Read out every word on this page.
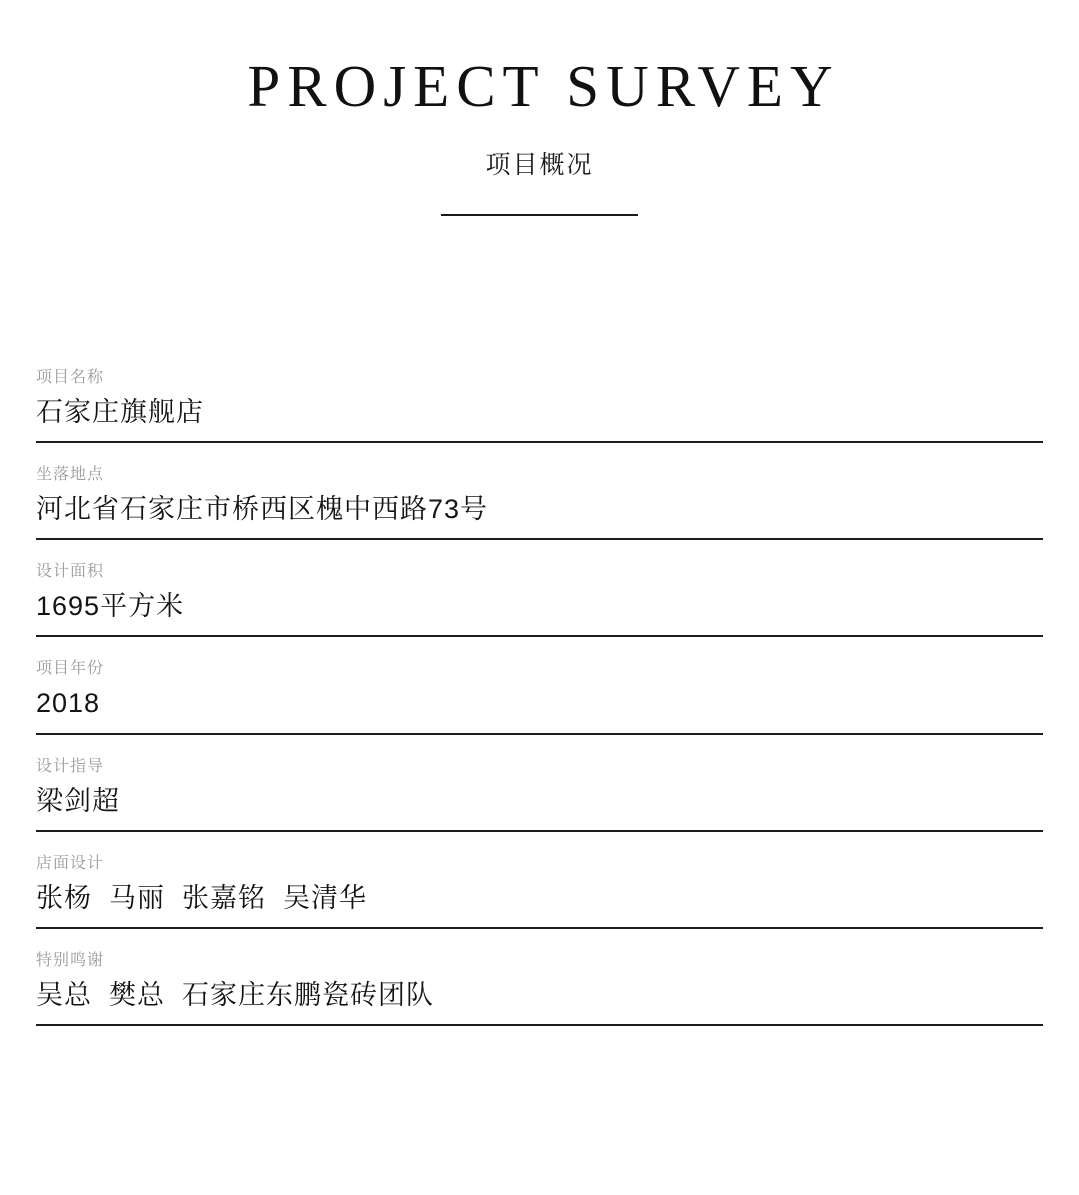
PROJECT SURVEY
项目概况
项目名称
石家庄旗舰店
坐落地点
河北省石家庄市桥西区槐中西路73号
设计面积
1695平方米
项目年份
2018
设计指导
梁剑超
店面设计
张杨  马丽  张嘉铭  吴清华
特别鸣谢
吴总  樊总  石家庄东鹏瓷砖团队
